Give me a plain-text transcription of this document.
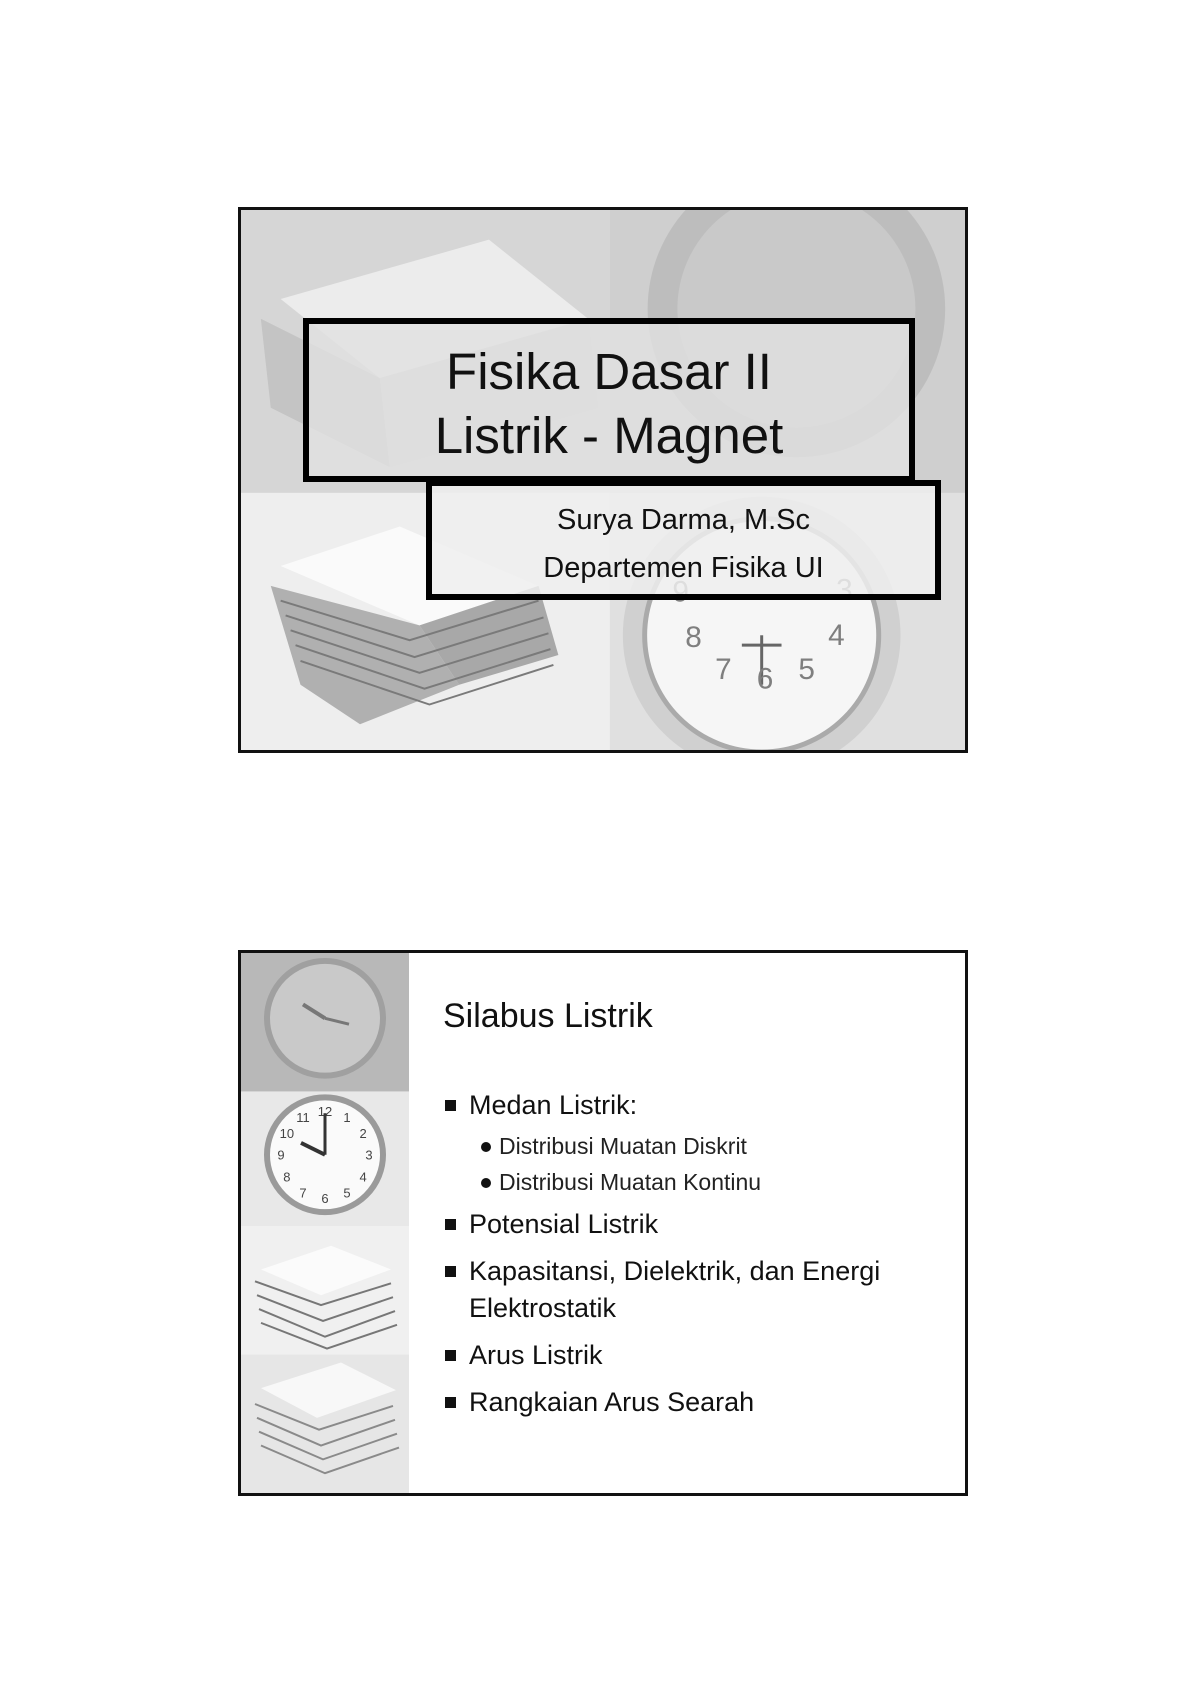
87 6 54
Fisika Dasar II
Listrik - Magnet
Surya Darma, M.Sc
Departemen Fisika UI
12 1
2
3
4
5
6
7
8
9
10
11
Silabus Listrik
Medan Listrik:
Distribusi Muatan Diskrit
Distribusi Muatan Kontinu
Potensial Listrik
Kapasitansi, Dielektrik, dan Energi Elektrostatik
Arus Listrik
Rangkaian Arus Searah
